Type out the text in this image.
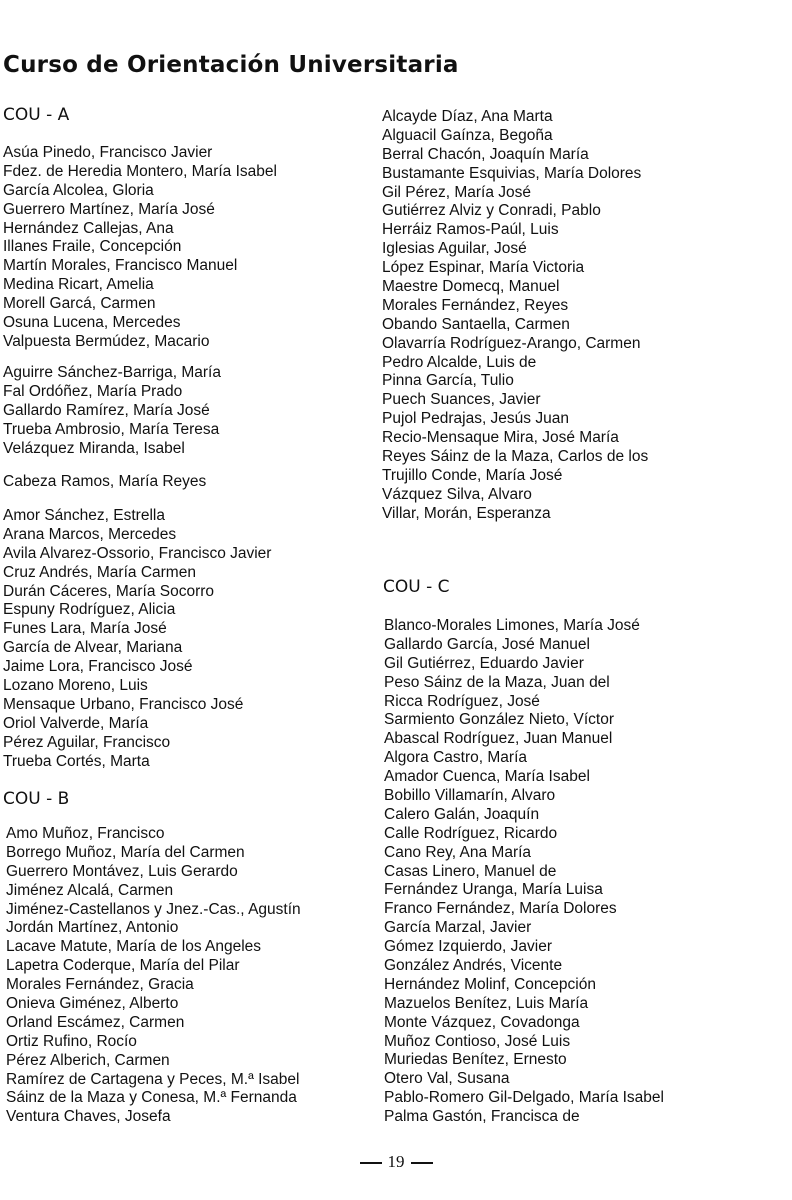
Curso de Orientación Universitaria
COU - A
Asúa Pinedo, Francisco Javier
Fdez. de Heredia Montero, María Isabel
García Alcolea, Gloria
Guerrero Martínez, María José
Hernández Callejas, Ana
Illanes Fraile, Concepción
Martín Morales, Francisco Manuel
Medina Ricart, Amelia
Morell Garcá, Carmen
Osuna Lucena, Mercedes
Valpuesta Bermúdez, Macario
Aguirre Sánchez-Barriga, María
Fal Ordóñez, María Prado
Gallardo Ramírez, María José
Trueba Ambrosio, María Teresa
Velázquez Miranda, Isabel
Cabeza Ramos, María Reyes
Amor Sánchez, Estrella
Arana Marcos, Mercedes
Avila Alvarez-Ossorio, Francisco Javier
Cruz Andrés, María Carmen
Durán Cáceres, María Socorro
Espuny Rodríguez, Alicia
Funes Lara, María José
García de Alvear, Mariana
Jaime Lora, Francisco José
Lozano Moreno, Luis
Mensaque Urbano, Francisco José
Oriol Valverde, María
Pérez Aguilar, Francisco
Trueba Cortés, Marta
COU - B
Amo Muñoz, Francisco
Borrego Muñoz, María del Carmen
Guerrero Montávez, Luis Gerardo
Jiménez Alcalá, Carmen
Jiménez-Castellanos y Jnez.-Cas., Agustín
Jordán Martínez, Antonio
Lacave Matute, María de los Angeles
Lapetra Coderque, María del Pilar
Morales Fernández, Gracia
Onieva Giménez, Alberto
Orland Escámez, Carmen
Ortiz Rufino, Rocío
Pérez Alberich, Carmen
Ramírez de Cartagena y Peces, M.ª Isabel
Sáinz de la Maza y Conesa, M.ª Fernanda
Ventura Chaves, Josefa
Alcayde Díaz, Ana Marta
Alguacil Gaínza, Begoña
Berral Chacón, Joaquín María
Bustamante Esquivias, María Dolores
Gil Pérez, María José
Gutiérrez Alviz y Conradi, Pablo
Herráiz Ramos-Paúl, Luis
Iglesias Aguilar, José
López Espinar, María Victoria
Maestre Domecq, Manuel
Morales Fernández, Reyes
Obando Santaella, Carmen
Olavarría Rodríguez-Arango, Carmen
Pedro Alcalde, Luis de
Pinna García, Tulio
Puech Suances, Javier
Pujol Pedrajas, Jesús Juan
Recio-Mensaque Mira, José María
Reyes Sáinz de la Maza, Carlos de los
Trujillo Conde, María José
Vázquez Silva, Alvaro
Villar, Morán, Esperanza
COU - C
Blanco-Morales Limones, María José
Gallardo García, José Manuel
Gil Gutiérrez, Eduardo Javier
Peso Sáinz de la Maza, Juan del
Ricca Rodríguez, José
Sarmiento González Nieto, Víctor
Abascal Rodríguez, Juan Manuel
Algora Castro, María
Amador Cuenca, María Isabel
Bobillo Villamarín, Alvaro
Calero Galán, Joaquín
Calle Rodríguez, Ricardo
Cano Rey, Ana María
Casas Linero, Manuel de
Fernández Uranga, María Luisa
Franco Fernández, María Dolores
García Marzal, Javier
Gómez Izquierdo, Javier
González Andrés, Vicente
Hernández Molinf, Concepción
Mazuelos Benítez, Luis María
Monte Vázquez, Covadonga
Muñoz Contioso, José Luis
Muriedas Benítez, Ernesto
Otero Val, Susana
Pablo-Romero Gil-Delgado, María Isabel
Palma Gastón, Francisca de
19
